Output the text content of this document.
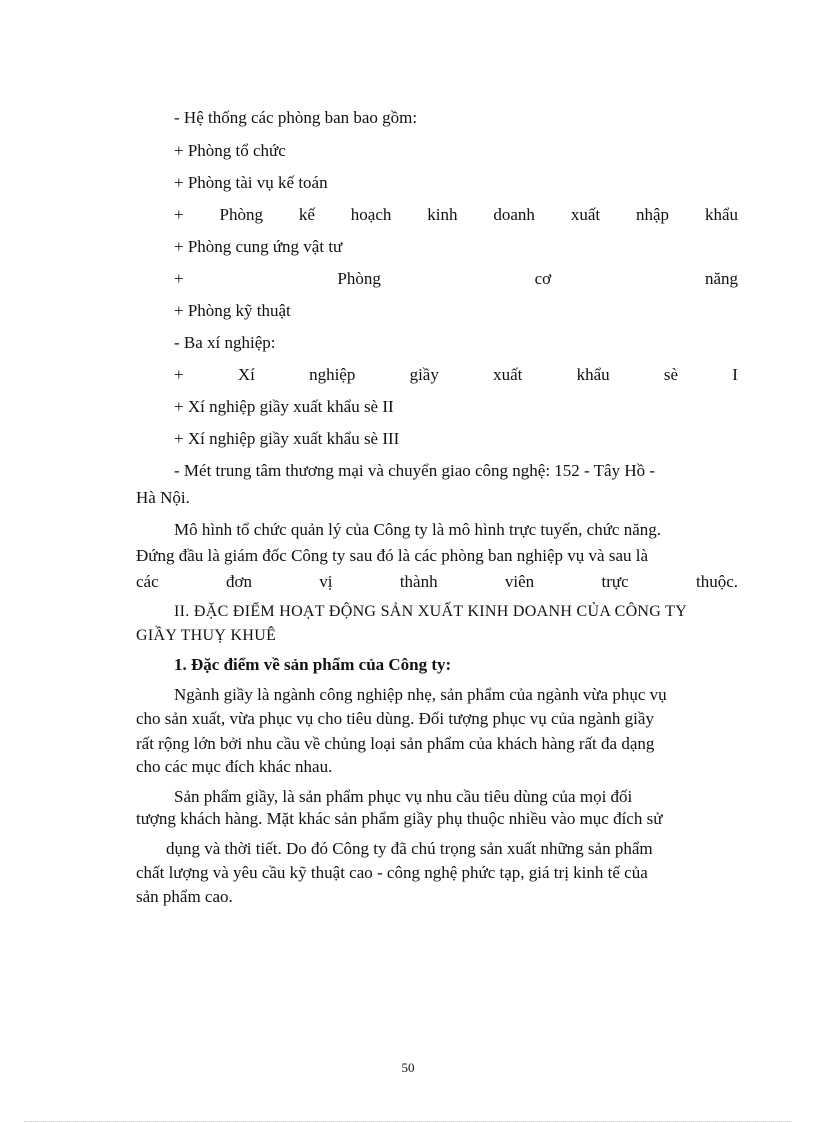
- Hệ thống các phòng ban bao gồm:

+ Phòng tổ chức

+ Phòng tài vụ kế toán

+ Phòng kế hoạch kinh doanh xuất nhập khẩu

+ Phòng cung ứng vật tư

+	Phòng	cơ	năng

+ Phòng kỹ thuật

- Ba xí nghiệp:

+	Xí	nghiệp	giầy	xuất	khẩu	sè	I

+ Xí nghiệp giầy xuất khẩu sè II

+ Xí nghiệp giầy xuất khẩu sè III

- Mét trung tâm thương mại và chuyển giao công nghệ: 152 - Tây Hồ -

Hà Nội.

Mô hình tổ chức quản lý của Công ty là mô hình trực tuyến, chức năng.

Đứng đầu là giám đốc Công ty sau đó là các phòng ban nghiệp vụ và sau là

các	đơn	vị	thành	viên	trực	thuộc.

II. ĐẶC ĐIỂM HOẠT ĐỘNG SẢN XUẤT KINH DOANH CỦA CÔNG TY

GIẦY THUỴ KHUÊ

1. Đặc điểm về sản phẩm của Công ty:

Ngành giầy là ngành công nghiệp nhẹ, sản phẩm của ngành vừa phục vụ

cho sản xuất, vừa phục vụ cho tiêu dùng. Đối tượng phục vụ của ngành giầy

rất rộng lớn bởi nhu cầu về chủng loại sản phẩm của khách hàng rất đa dạng

cho các mục đích khác nhau.

Sản phẩm giầy, là sản phẩm phục vụ nhu cầu tiêu dùng của mọi đối

tượng khách hàng. Mặt khác sản phẩm giầy phụ thuộc nhiều vào mục đích sử

dụng và thời tiết. Do đó Công ty đã chú trọng sản xuất những sản phẩm

chất lượng và yêu cầu kỹ thuật cao - công nghệ phức tạp, giá trị kinh tế của

sản phẩm cao.

50
